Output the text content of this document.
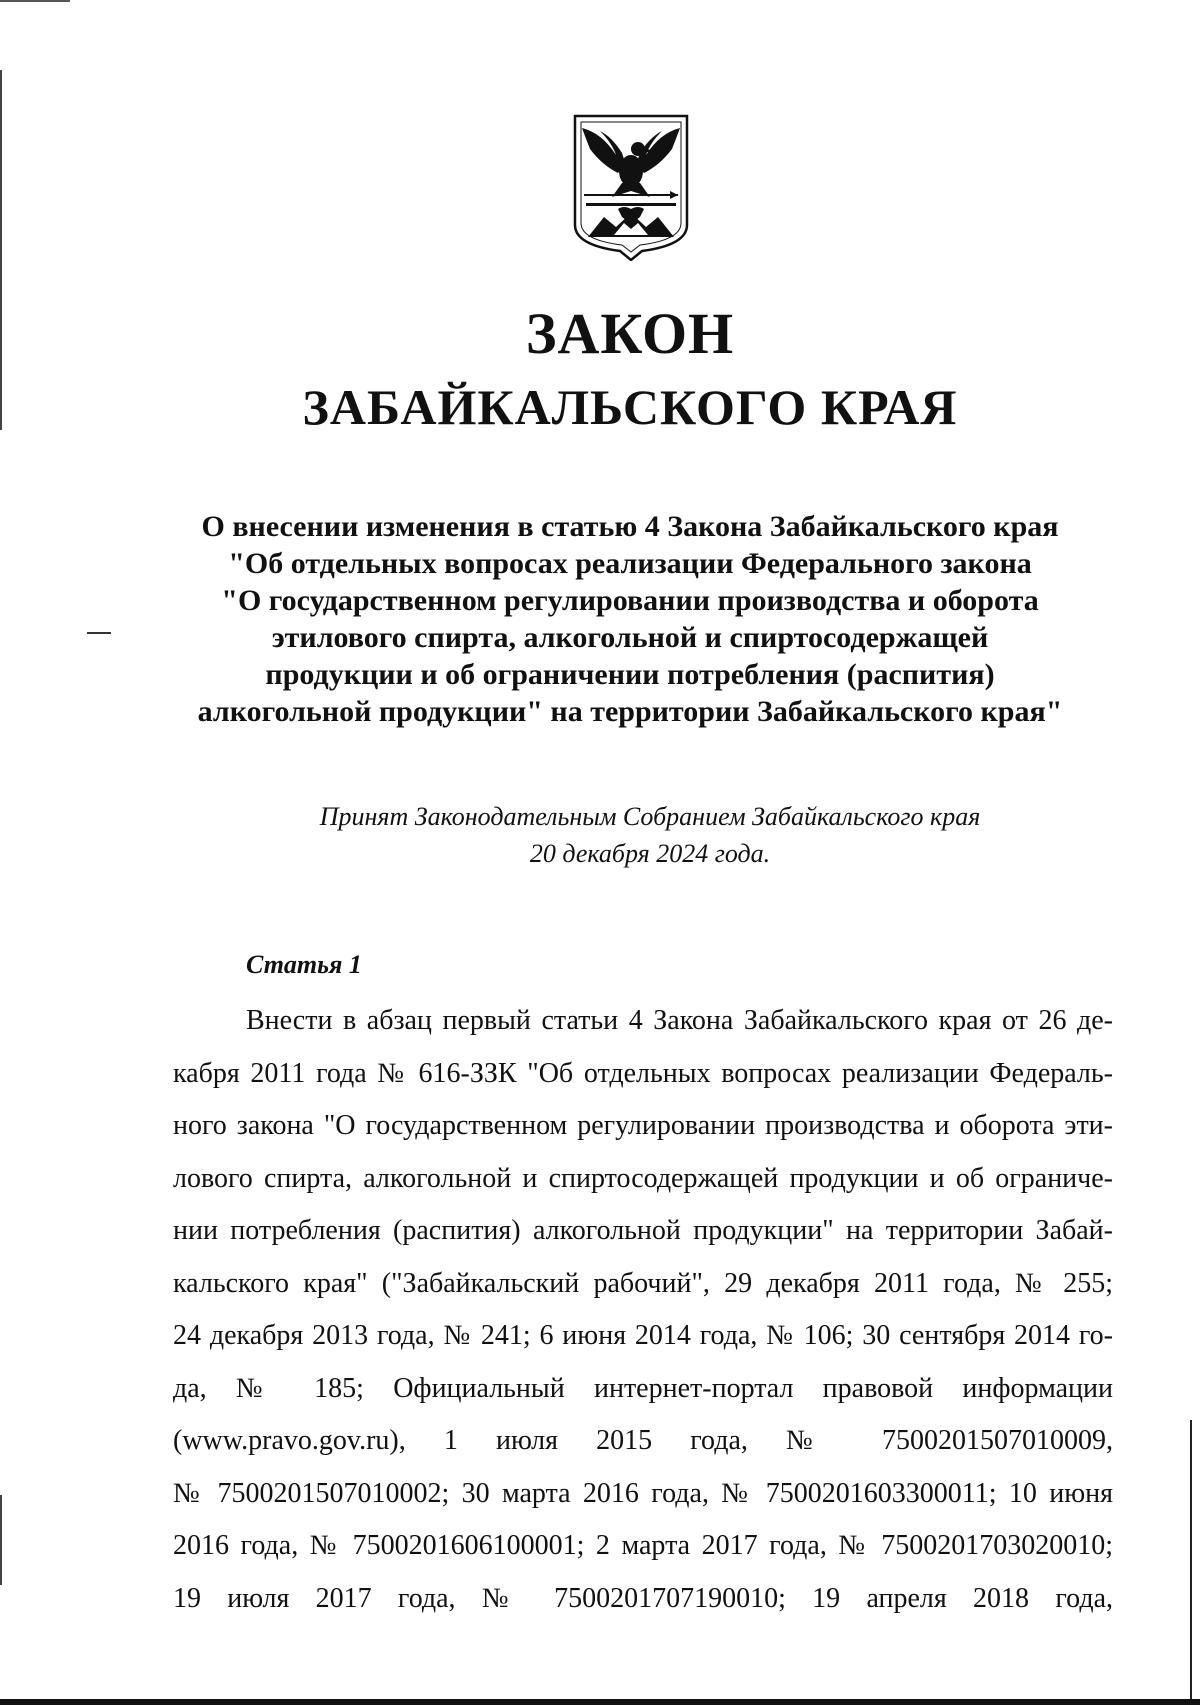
ЗАКОН
ЗАБАЙКАЛЬСКОГО КРАЯ
О внесении изменения в статью 4 Закона Забайкальского края
"Об отдельных вопросах реализации Федерального закона
"О государственном регулировании производства и оборота
этилового спирта, алкогольной и спиртосодержащей
продукции и об ограничении потребления (распития)
алкогольной продукции" на территории Забайкальского края"
Принят Законодательным Собранием Забайкальского края
20 декабря 2024 года.
Статья 1
Внести в абзац первый статьи 4 Закона Забайкальского края от 26 де-
кабря 2011 года № 616-ЗЗК "Об отдельных вопросах реализации Федераль-
ного закона "О государственном регулировании производства и оборота эти-
лового спирта, алкогольной и спиртосодержащей продукции и об ограниче-
нии потребления (распития) алкогольной продукции" на территории Забай-
кальского края" ("Забайкальский рабочий", 29 декабря 2011 года, № 255;
24 декабря 2013 года, № 241; 6 июня 2014 года, № 106; 30 сентября 2014 го-
да, № 185; Официальный интернет-портал правовой информации
(www.pravo.gov.ru), 1 июля 2015 года, № 7500201507010009,
№ 7500201507010002; 30 марта 2016 года, № 7500201603300011; 10 июня
2016 года, № 7500201606100001; 2 марта 2017 года, № 7500201703020010;
19 июля 2017 года, № 7500201707190010; 19 апреля 2018 года,
